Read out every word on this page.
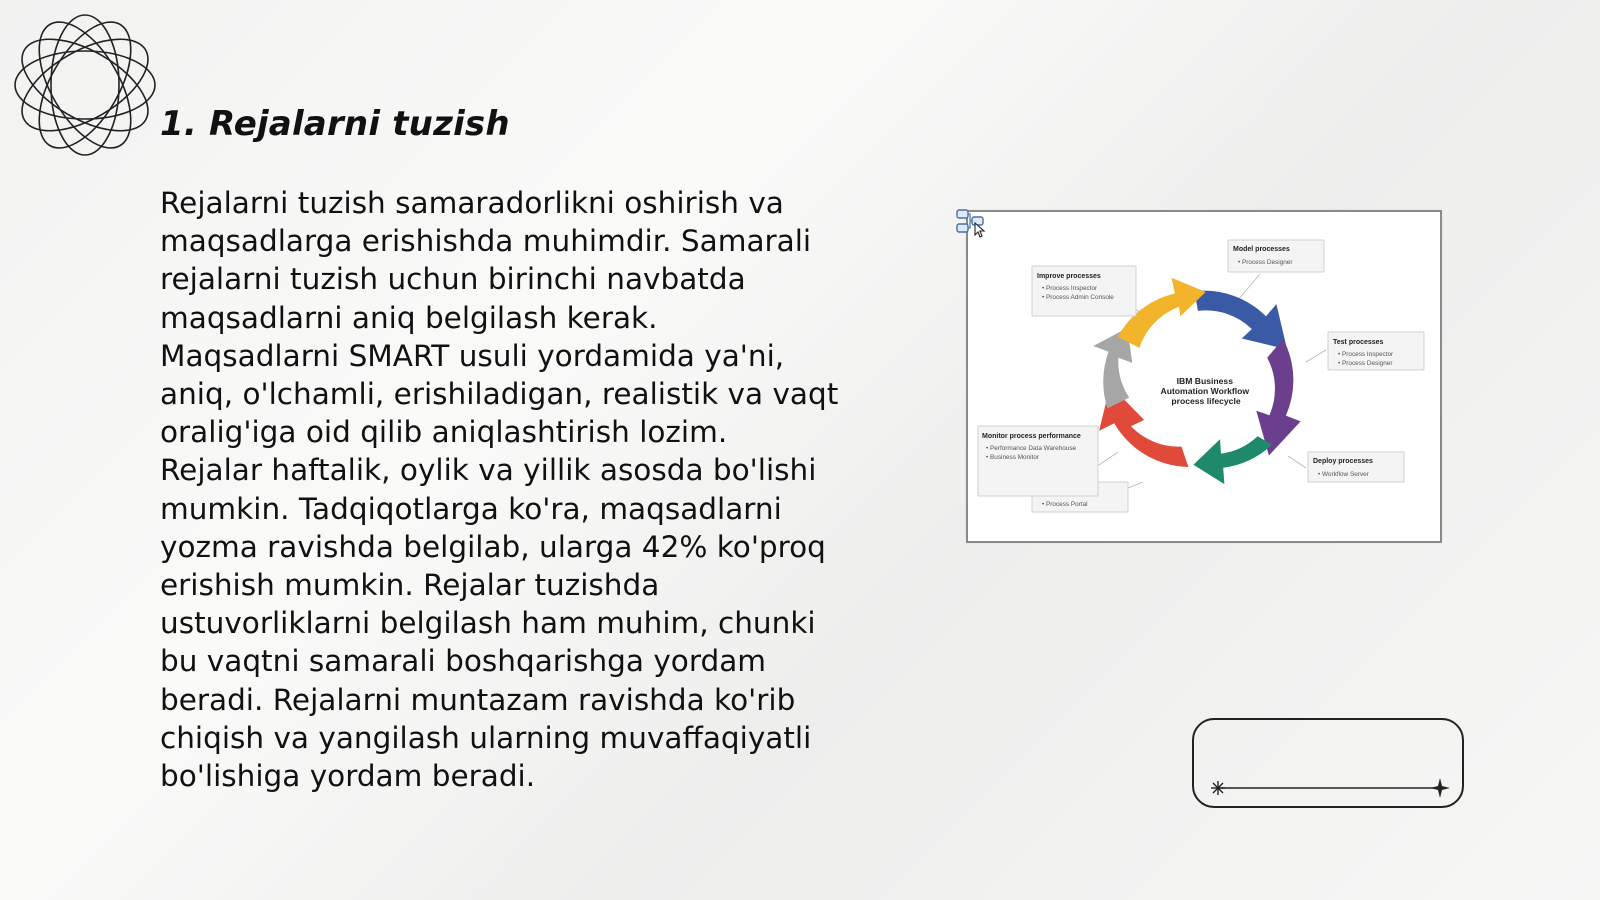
1. Rejalarni tuzish

Rejalarni tuzish samaradorlikni oshirish va
maqsadlarga erishishda muhimdir. Samarali
rejalarni tuzish uchun birinchi navbatda
maqsadlarni aniq belgilash kerak.
Maqsadlarni SMART usuli yordamida ya'ni,
aniq, o'lchamli, erishiladigan, realistik va vaqt
oralig'iga oid qilib aniqlashtirish lozim.
Rejalar haftalik, oylik va yillik asosda bo'lishi
mumkin. Tadqiqotlarga ko'ra, maqsadlarni
yozma ravishda belgilab, ularga 42% ko'proq
erishish mumkin. Rejalar tuzishda
ustuvorliklarni belgilash ham muhim, chunki
bu vaqtni samarali boshqarishga yordam
beradi. Rejalarni muntazam ravishda ko'rib
chiqish va yangilash ularning muvaffaqiyatli
bo'lishiga yordam beradi.

IBM Business Automation Workflow process lifecycle
Model processes
• Process Designer
Test processes
• Process Inspector
• Process Designer
Deploy processes
• Workflow Server
• Process Portal
Monitor process performance
• Performance Data Warehouse
• Business Monitor
Improve processes
• Process Inspector
• Process Admin Console
